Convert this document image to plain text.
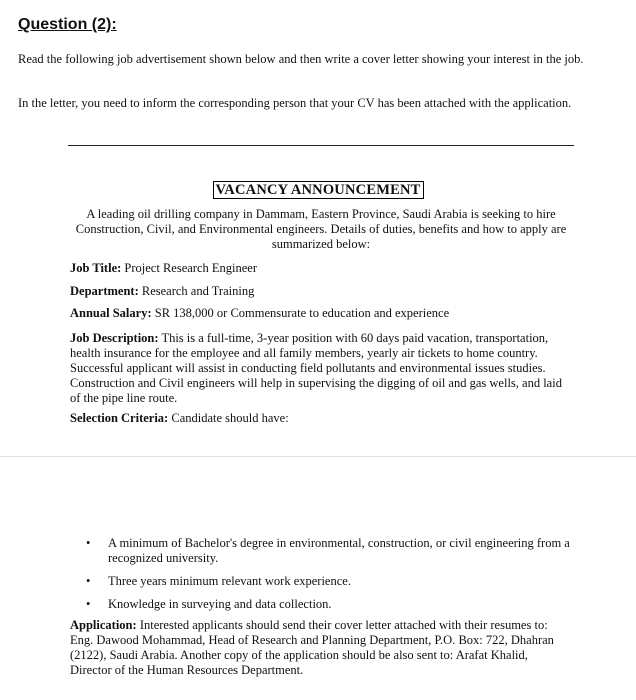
Question (2):
Read the following job advertisement shown below and then write a cover letter showing your interest in the job.
In the letter, you need to inform the corresponding person that your CV has been attached with the application.
VACANCY ANNOUNCEMENT
A leading oil drilling company in Dammam, Eastern Province, Saudi Arabia is seeking to hire Construction, Civil, and Environmental engineers. Details of duties, benefits and how to apply are summarized below:
Job Title: Project Research Engineer
Department: Research and Training
Annual Salary: SR 138,000 or Commensurate to education and experience
Job Description: This is a full-time, 3-year position with 60 days paid vacation, transportation, health insurance for the employee and all family members, yearly air tickets to home country. Successful applicant will assist in conducting field pollutants and environmental issues studies. Construction and Civil engineers will help in supervising the digging of oil and gas wells, and laid of the pipe line route.
Selection Criteria: Candidate should have:
• A minimum of Bachelor's degree in environmental, construction, or civil engineering from a recognized university.
• Three years minimum relevant work experience.
• Knowledge in surveying and data collection.
Application: Interested applicants should send their cover letter attached with their resumes to: Eng. Dawood Mohammad, Head of Research and Planning Department, P.O. Box: 722, Dhahran (2122), Saudi Arabia. Another copy of the application should be also sent to: Arafat Khalid, Director of the Human Resources Department.
